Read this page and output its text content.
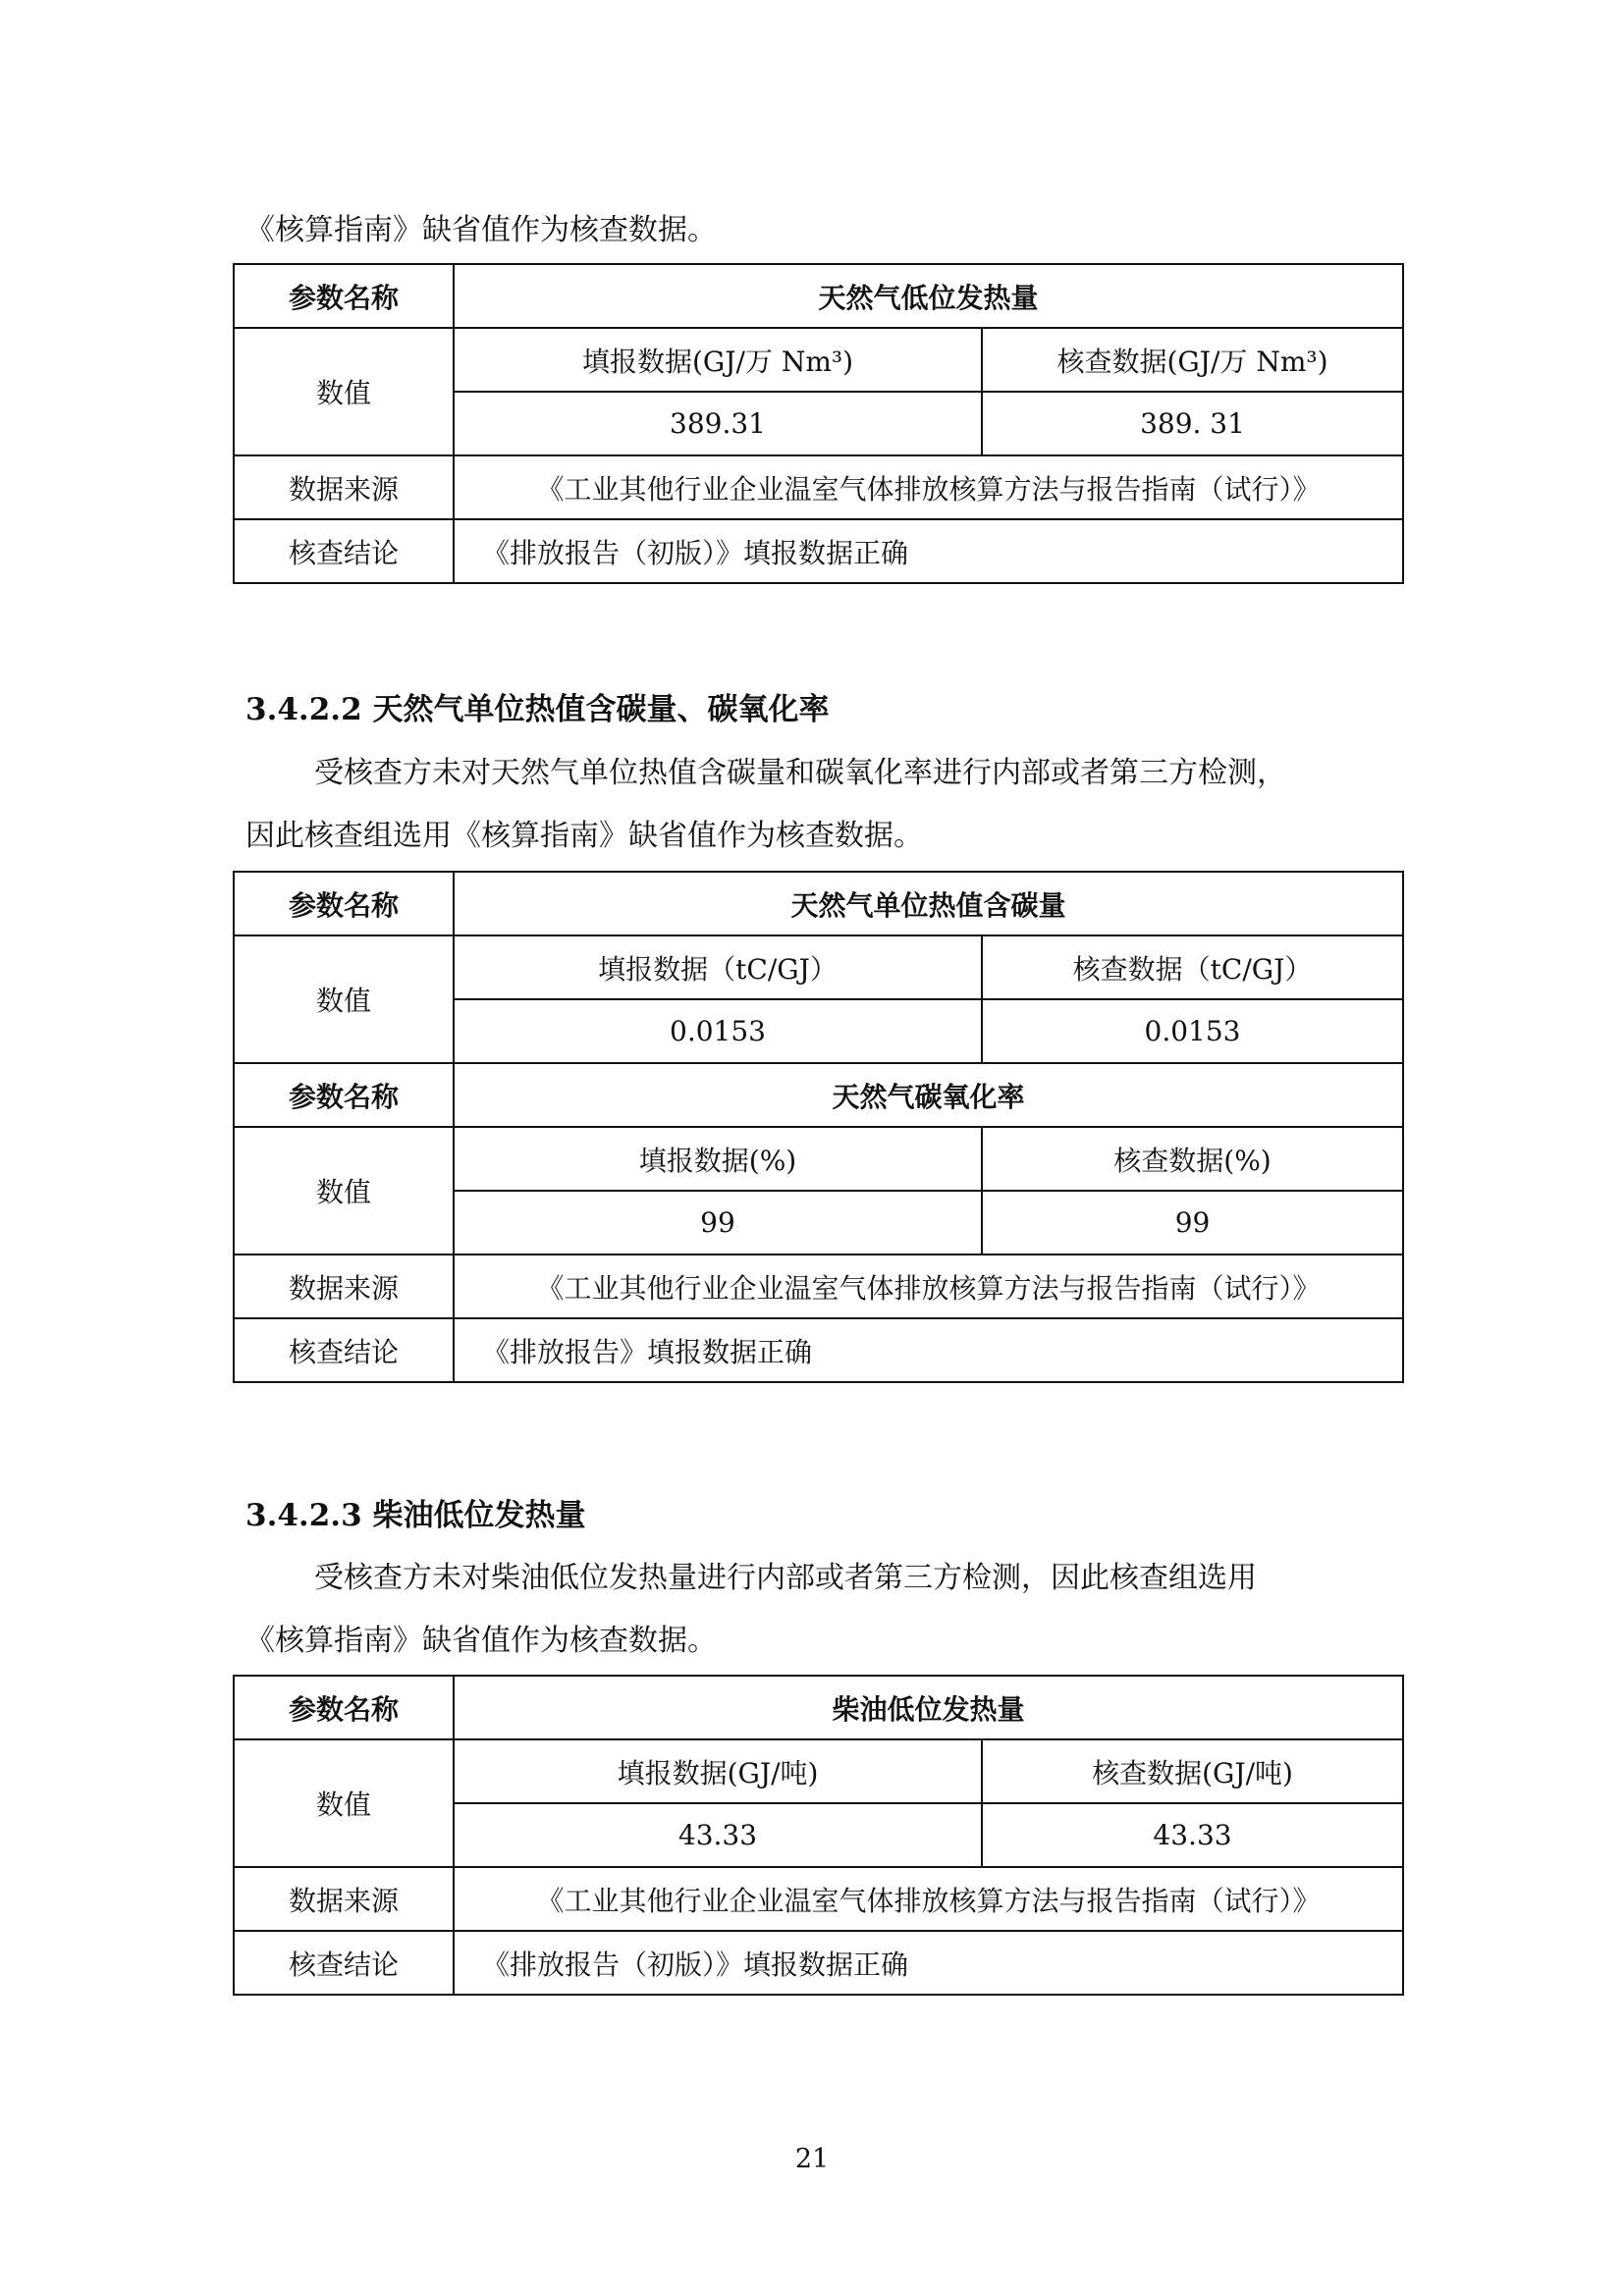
《核算指南》缺省值作为核查数据。

参数名称	天然气低位发热量	
数值	填报数据(GJ/万 Nm³)	核查数据(GJ/万 Nm³)
	389.31	389. 31
数据来源	《工业其他行业企业温室气体排放核算方法与报告指南（试行）》	
核查结论	《排放报告（初版）》填报数据正确	

3.4.2.2 天然气单位热值含碳量、碳氧化率

受核查方未对天然气单位热值含碳量和碳氧化率进行内部或者第三方检测，

因此核查组选用《核算指南》缺省值作为核查数据。

参数名称	天然气单位热值含碳量	
数值	填报数据（tC/GJ）	核查数据（tC/GJ）
	0.0153	0.0153
参数名称	天然气碳氧化率	
数值	填报数据(%)	核查数据(%)
	99	99
数据来源	《工业其他行业企业温室气体排放核算方法与报告指南（试行）》	
核查结论	《排放报告》填报数据正确	

3.4.2.3 柴油低位发热量

受核查方未对柴油低位发热量进行内部或者第三方检测，因此核查组选用

《核算指南》缺省值作为核查数据。

参数名称	柴油低位发热量	
数值	填报数据(GJ/吨)	核查数据(GJ/吨)
	43.33	43.33
数据来源	《工业其他行业企业温室气体排放核算方法与报告指南（试行）》	
核查结论	《排放报告（初版）》填报数据正确	
21
